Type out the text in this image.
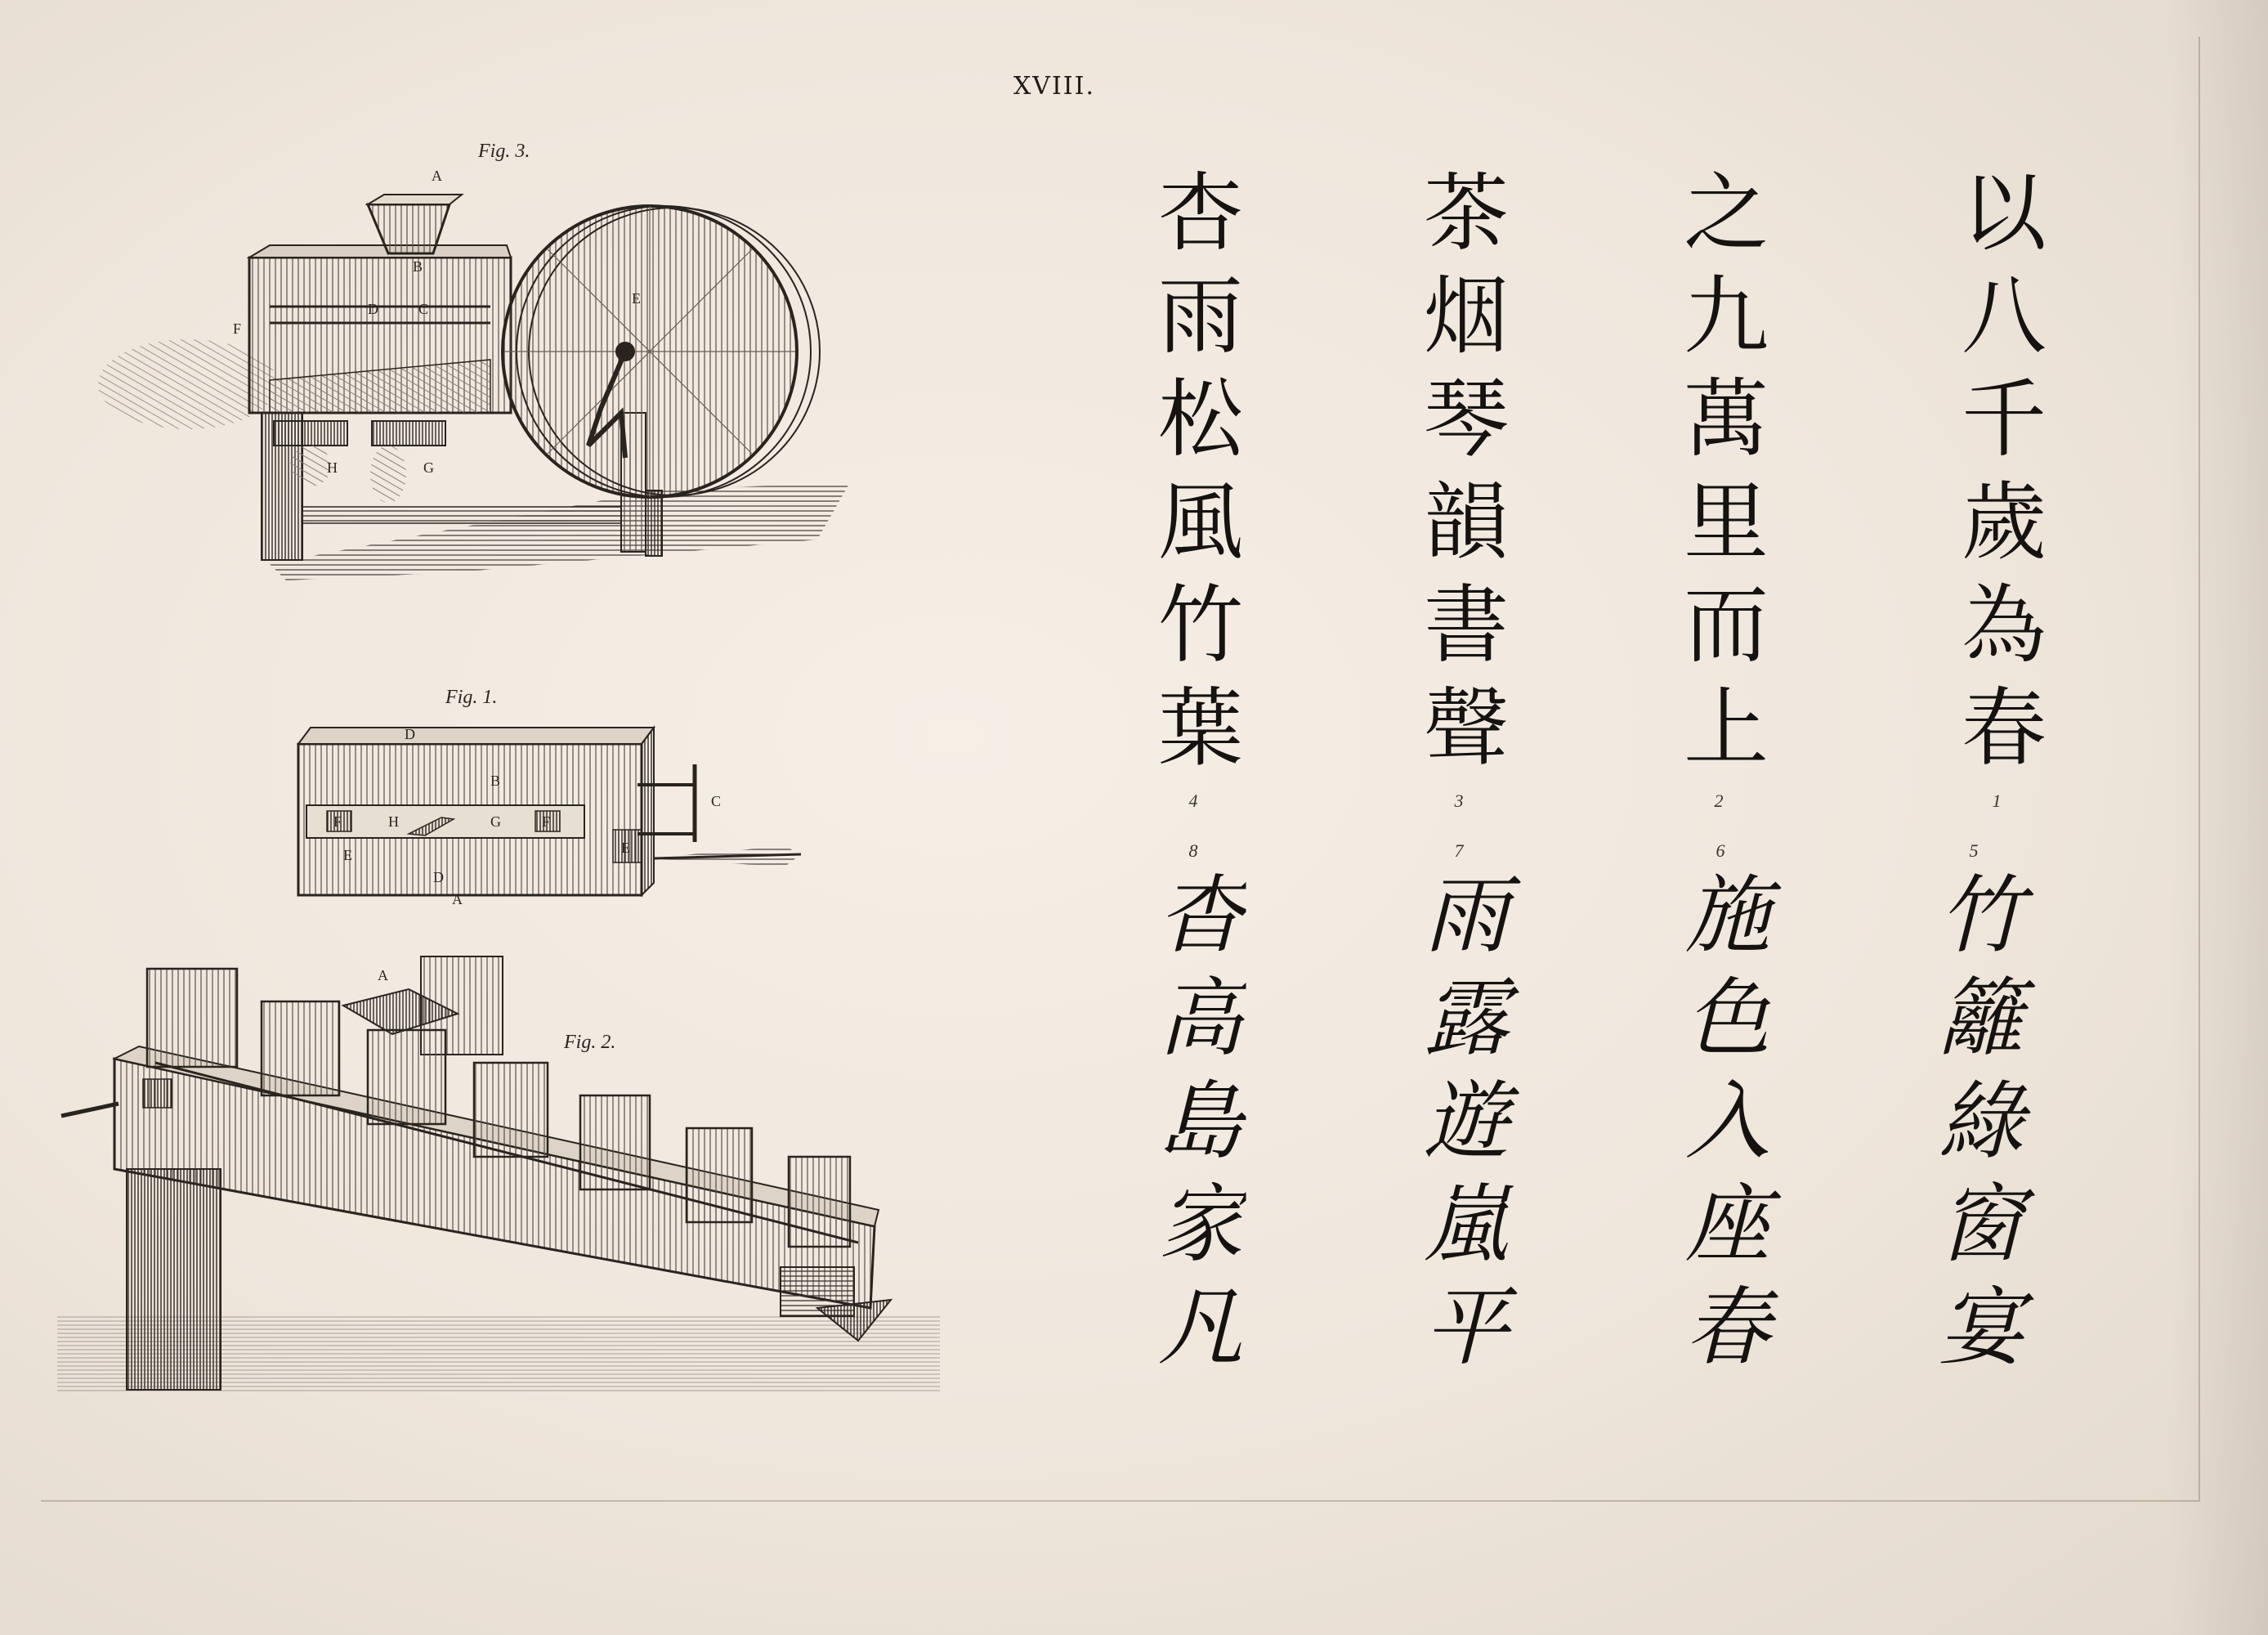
XVIII.
Fig. 3.
Fig. 1.
Fig. 2.
A
B
C
D
E
F
G
H
A
B
C
D
D
E	E
F	F
G
H
A
以八千歲為春
1
之九萬里而上
2
茶烟琴韻書聲
3
杏雨松風竹葉
4
5
竹籬綠窗宴
6
施色入座春
7
雨露遊嵐平
8
杳高島家凡
